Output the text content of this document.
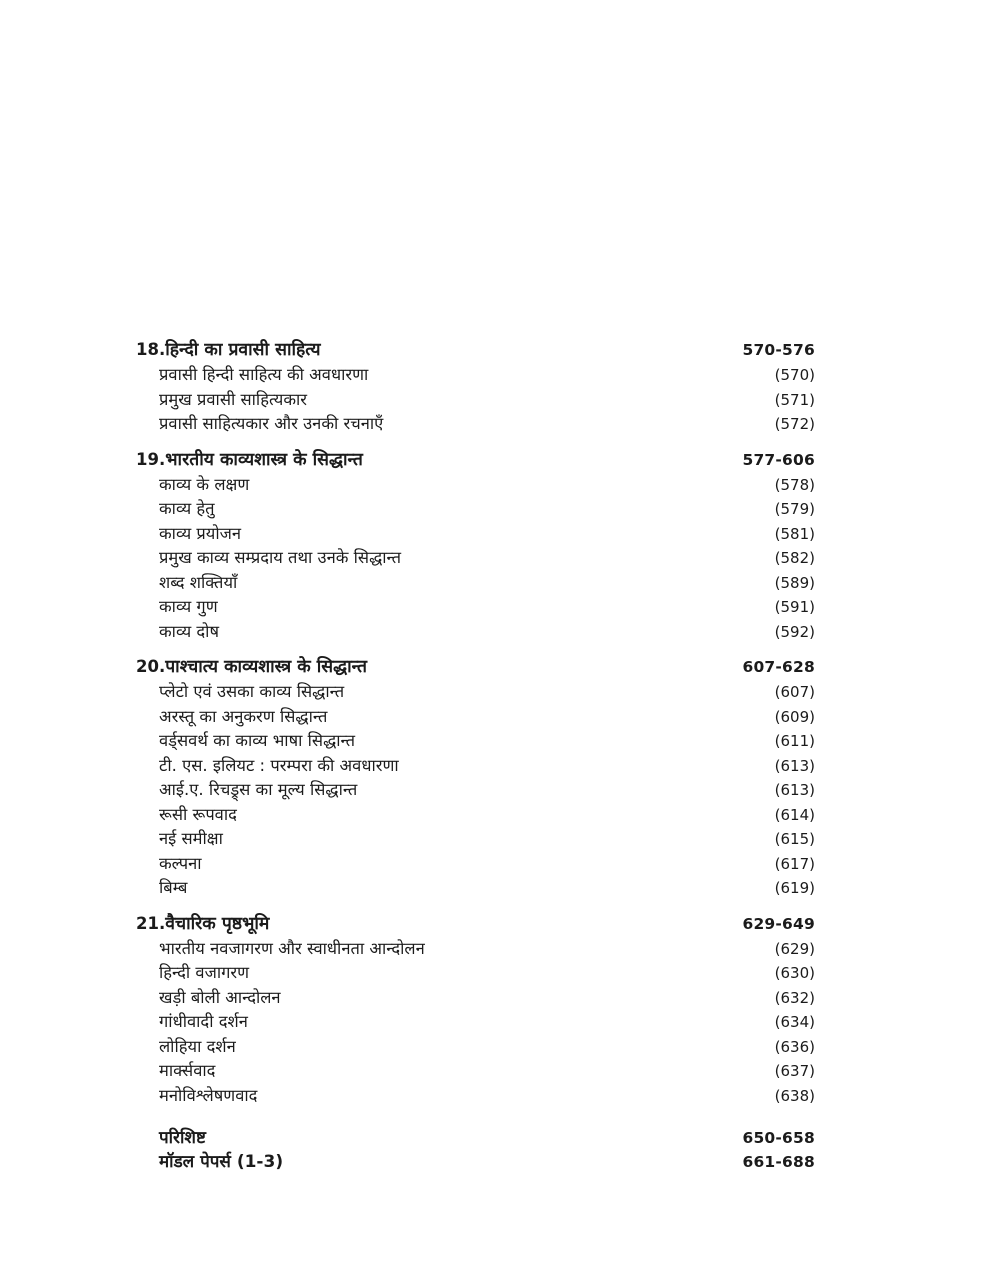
18. हिन्दी का प्रवासी साहित्य	570-576
प्रवासी हिन्दी साहित्य की अवधारणा	(570)
प्रमुख प्रवासी साहित्यकार	(571)
प्रवासी साहित्यकार और उनकी रचनाएँ	(572)
19. भारतीय काव्यशास्त्र के सिद्धान्त	577-606
काव्य के लक्षण	(578)
काव्य हेतु	(579)
काव्य प्रयोजन	(581)
प्रमुख काव्य सम्प्रदाय तथा उनके सिद्धान्त	(582)
शब्द शक्तियाँ	(589)
काव्य गुण	(591)
काव्य दोष	(592)
20. पाश्चात्य काव्यशास्त्र के सिद्धान्त	607-628
प्लेटो एवं उसका काव्य सिद्धान्त	(607)
अरस्तू का अनुकरण सिद्धान्त	(609)
वर्ड्सवर्थ का काव्य भाषा सिद्धान्त	(611)
टी. एस. इलियट : परम्परा की अवधारणा	(613)
आई.ए. रिचड्र्स का मूल्य सिद्धान्त	(613)
रूसी रूपवाद	(614)
नई समीक्षा	(615)
कल्पना	(617)
बिम्ब	(619)
21. वैचारिक पृष्ठभूमि	629-649
भारतीय नवजागरण और स्वाधीनता आन्दोलन	(629)
हिन्दी वजागरण	(630)
खड़ी बोली आन्दोलन	(632)
गांधीवादी दर्शन	(634)
लोहिया दर्शन	(636)
मार्क्सवाद	(637)
मनोविश्लेषणवाद	(638)
परिशिष्ट	650-658
मॉडल पेपर्स (1-3)	661-688
